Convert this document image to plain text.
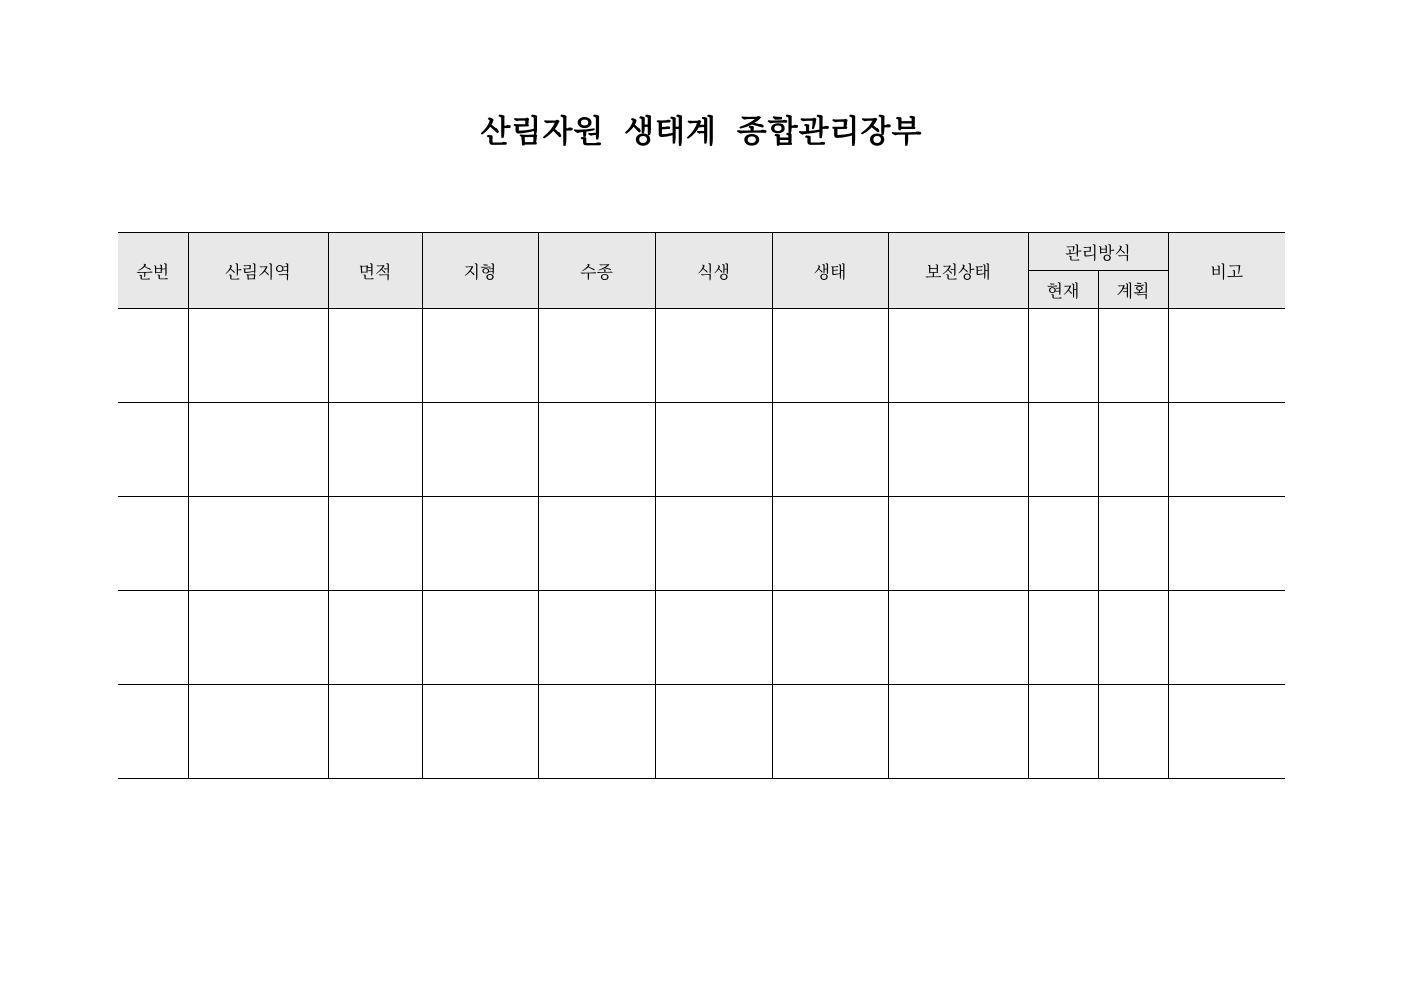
산림자원 생태계 종합관리장부
순번	산림지역	면적	지형	수종	식생	생태	보전상태	관리방식		비고
								현재	계획	
